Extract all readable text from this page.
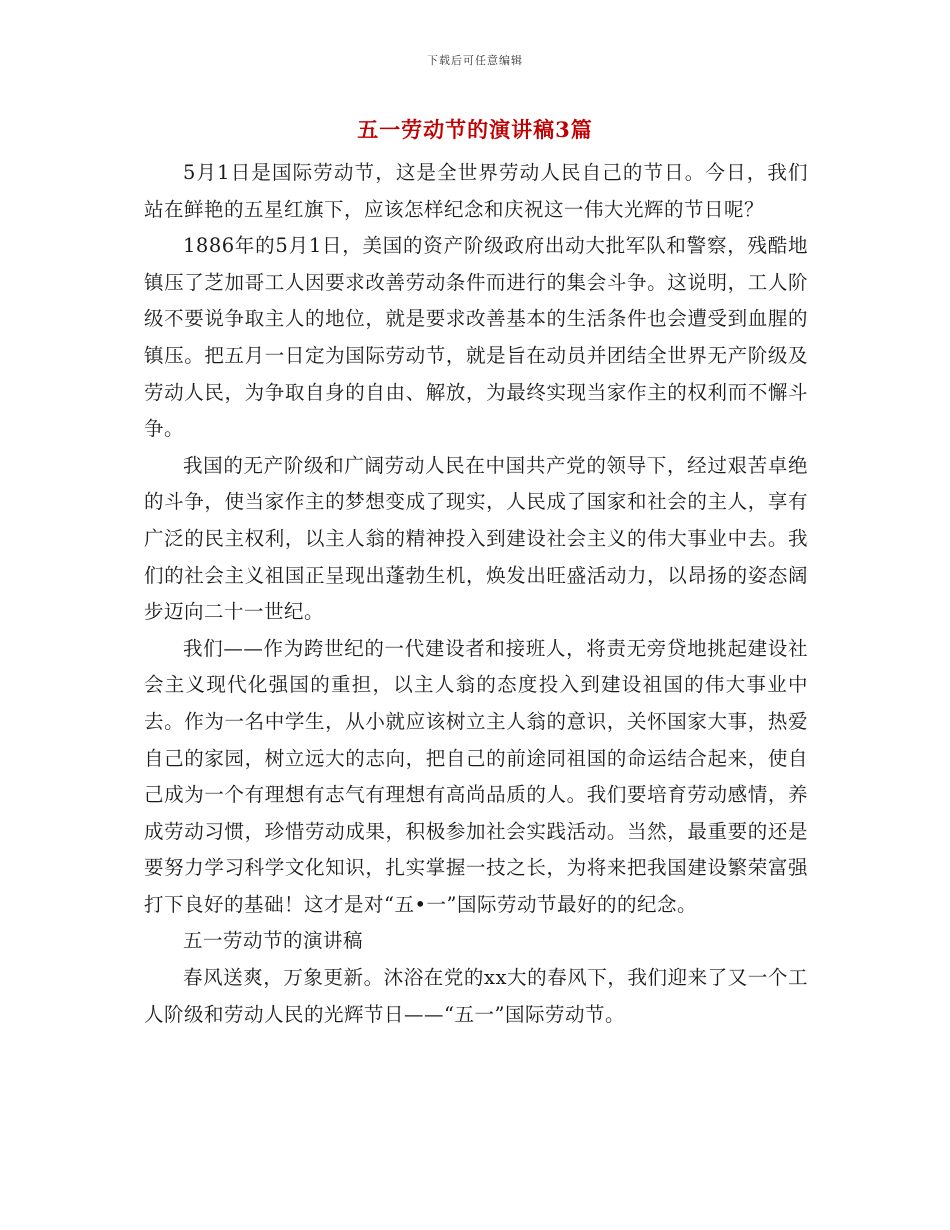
下载后可任意编辑
五一劳动节的演讲稿3篇

5月1日是国际劳动节，这是全世界劳动人民自己的节日。今日，我们站在鲜艳的五星红旗下，应该怎样纪念和庆祝这一伟大光辉的节日呢？

1886年的5月1日，美国的资产阶级政府出动大批军队和警察，残酷地镇压了芝加哥工人因要求改善劳动条件而进行的集会斗争。这说明，工人阶级不要说争取主人的地位，就是要求改善基本的生活条件也会遭受到血腥的镇压。把五月一日定为国际劳动节，就是旨在动员并团结全世界无产阶级及劳动人民，为争取自身的自由、解放，为最终实现当家作主的权利而不懈斗争。

我国的无产阶级和广阔劳动人民在中国共产党的领导下，经过艰苦卓绝的斗争，使当家作主的梦想变成了现实，人民成了国家和社会的主人，享有广泛的民主权利，以主人翁的精神投入到建设社会主义的伟大事业中去。我们的社会主义祖国正呈现出蓬勃生机，焕发出旺盛活动力，以昂扬的姿态阔步迈向二十一世纪。

我们——作为跨世纪的一代建设者和接班人，将责无旁贷地挑起建设社会主义现代化强国的重担，以主人翁的态度投入到建设祖国的伟大事业中去。作为一名中学生，从小就应该树立主人翁的意识，关怀国家大事，热爱自己的家园，树立远大的志向，把自己的前途同祖国的命运结合起来，使自己成为一个有理想有志气有理想有高尚品质的人。我们要培育劳动感情，养成劳动习惯，珍惜劳动成果，积极参加社会实践活动。当然，最重要的还是要努力学习科学文化知识，扎实掌握一技之长，为将来把我国建设繁荣富强打下良好的基础！这才是对“五•一”国际劳动节最好的的纪念。

五一劳动节的演讲稿

春风送爽，万象更新。沐浴在党的xx大的春风下，我们迎来了又一个工人阶级和劳动人民的光辉节日——“五一”国际劳动节。
